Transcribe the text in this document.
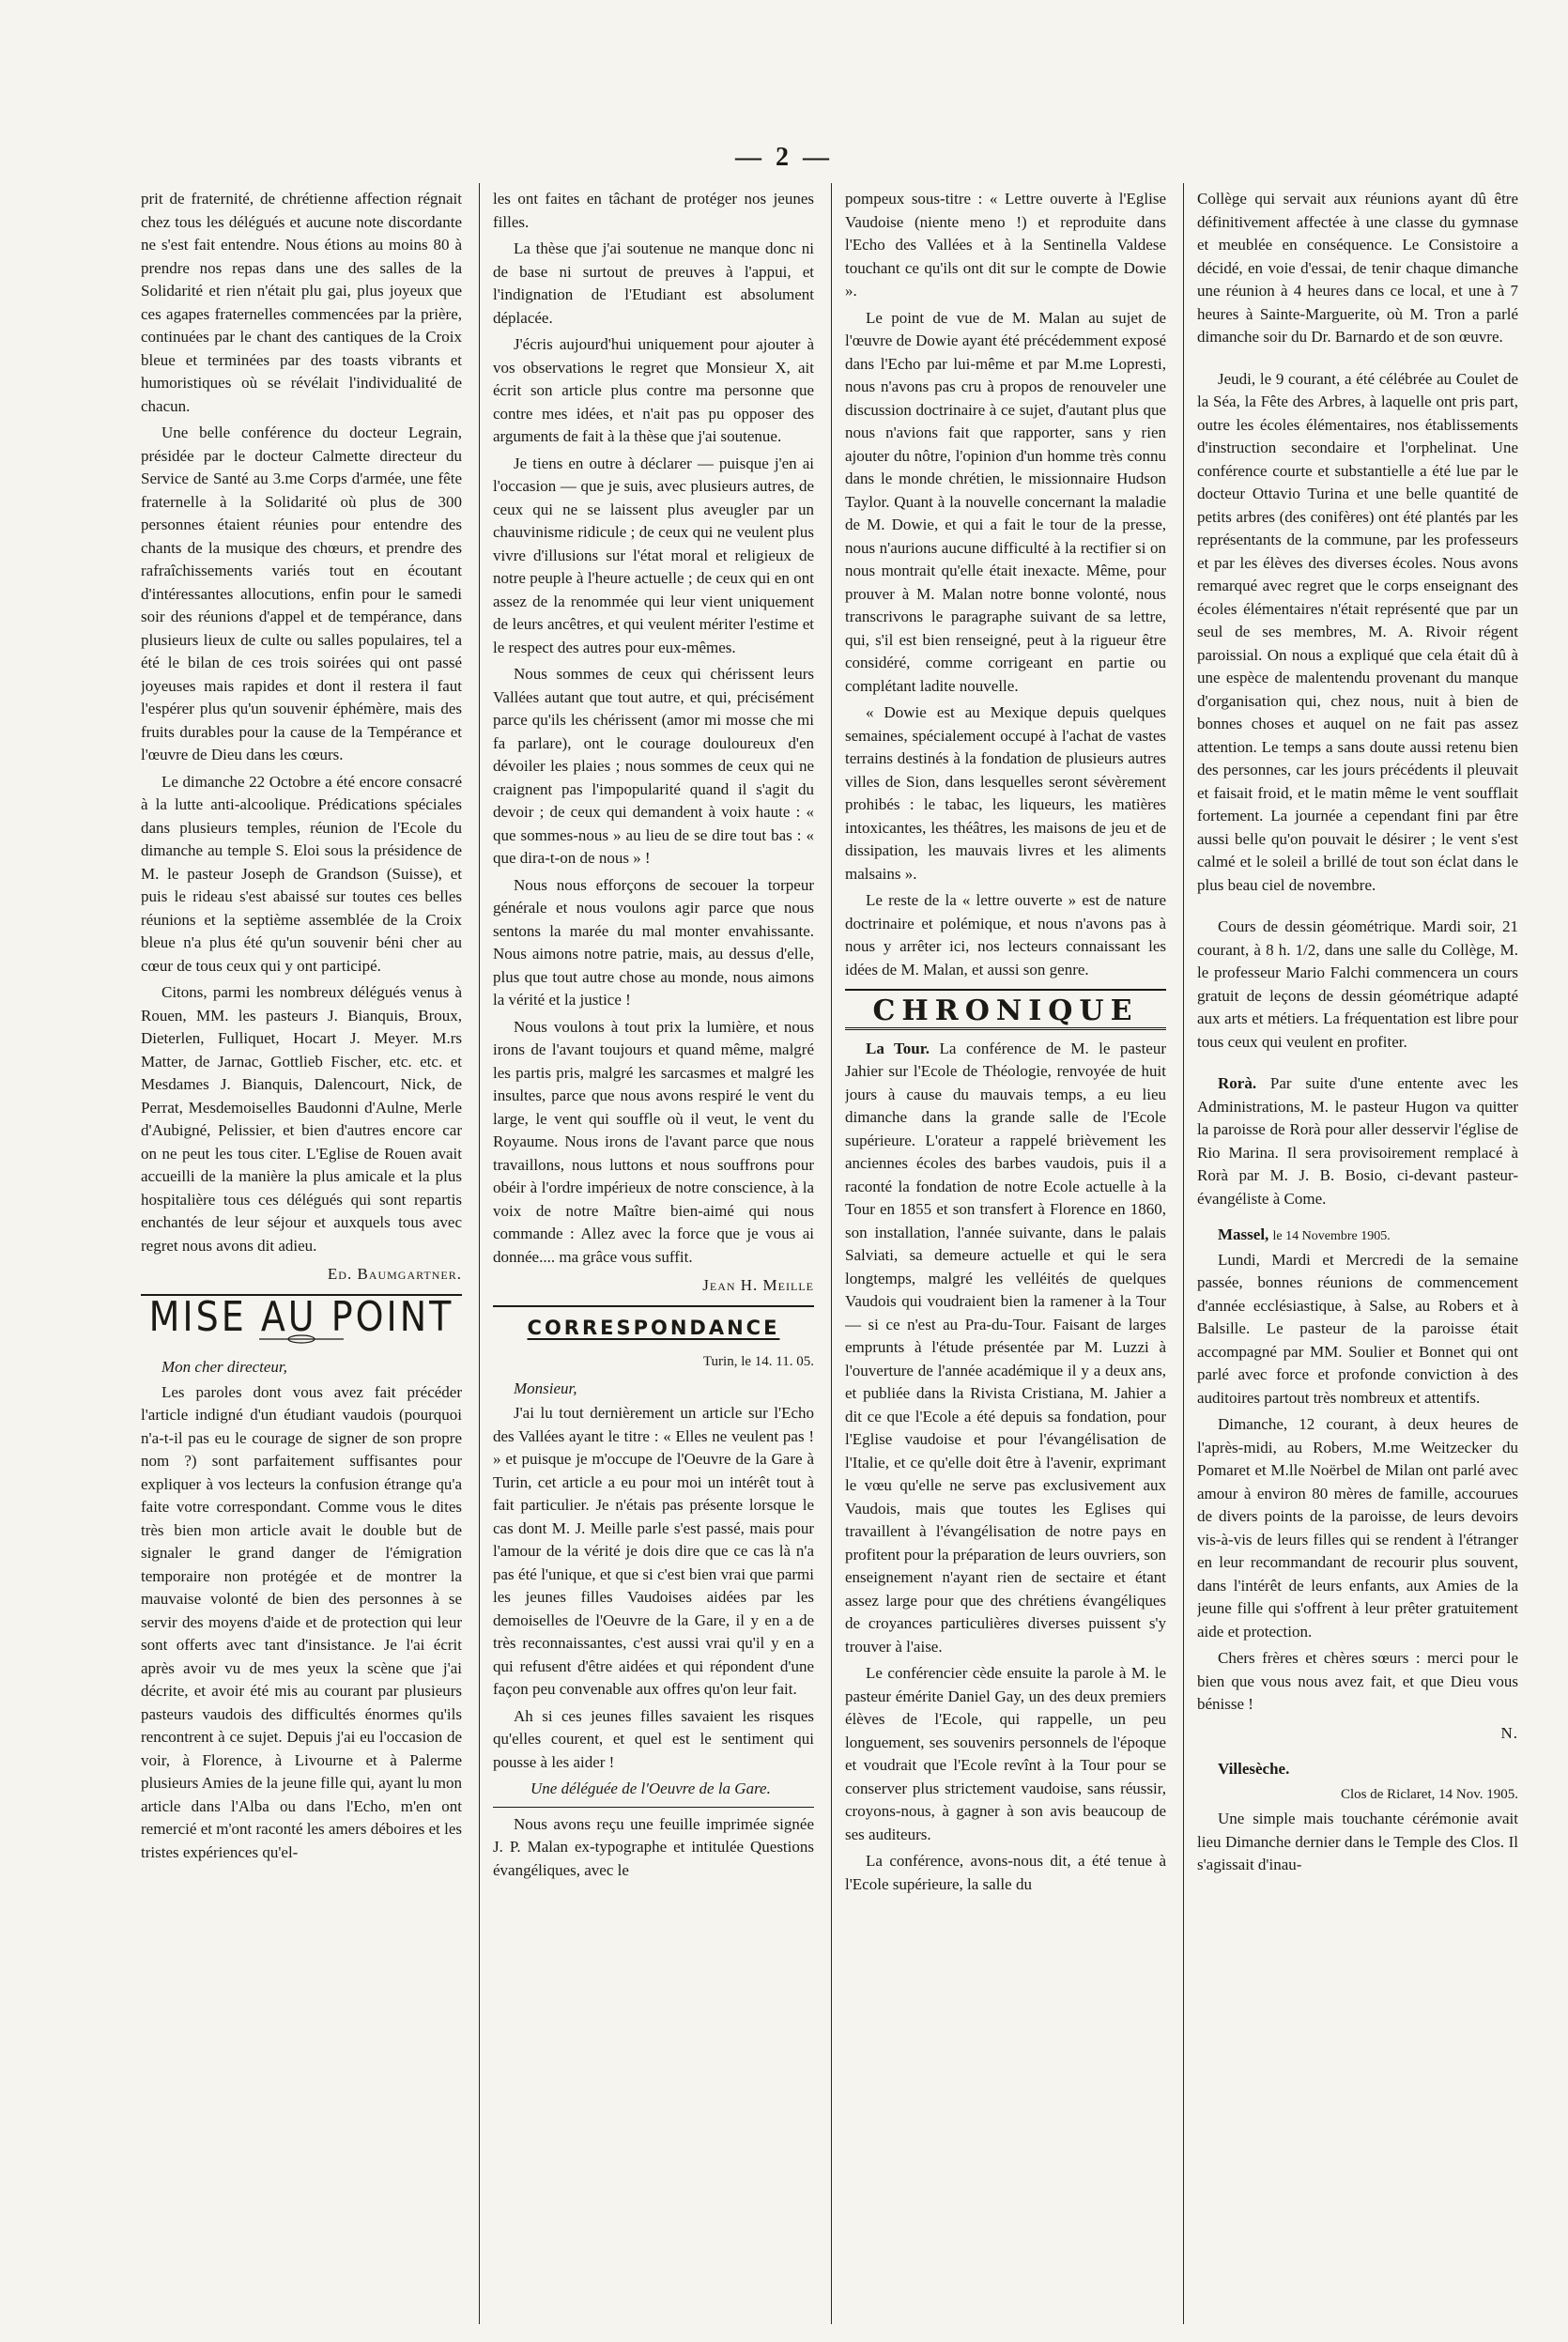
— 2 —

prit de fraternité, de chrétienne affection régnait chez tous les délégués et aucune note discordante ne s'est fait entendre. Nous étions au moins 80 à prendre nos repas dans une des salles de la Solidarité et rien n'était plu gai, plus joyeux que ces agapes fraternelles commencées par la prière, continuées par le chant des cantiques de la Croix bleue et terminées par des toasts vibrants et humoristiques où se révélait l'individualité de chacun.

Une belle conférence du docteur Legrain, présidée par le docteur Calmette directeur du Service de Santé au 3.me Corps d'armée, une fête fraternelle à la Solidarité où plus de 300 personnes étaient réunies pour entendre des chants de la musique des chœurs, et prendre des rafraîchissements variés tout en écoutant d'intéressantes allocutions, enfin pour le samedi soir des réunions d'appel et de tempérance, dans plusieurs lieux de culte ou salles populaires, tel a été le bilan de ces trois soirées qui ont passé joyeuses mais rapides et dont il restera il faut l'espérer plus qu'un souvenir éphémère, mais des fruits durables pour la cause de la Tempérance et l'œuvre de Dieu dans les cœurs.

Le dimanche 22 Octobre a été encore consacré à la lutte anti-alcoolique. Prédications spéciales dans plusieurs temples, réunion de l'Ecole du dimanche au temple S. Eloi sous la présidence de M. le pasteur Joseph de Grandson (Suisse), et puis le rideau s'est abaissé sur toutes ces belles réunions et la septième assemblée de la Croix bleue n'a plus été qu'un souvenir béni cher au cœur de tous ceux qui y ont participé.

Citons, parmi les nombreux délégués venus à Rouen, MM. les pasteurs J. Bianquis, Broux, Dieterlen, Fulliquet, Hocart J. Meyer. M.rs Matter, de Jarnac, Gottlieb Fischer, etc. etc. et Mesdames J. Bianquis, Dalencourt, Nick, de Perrat, Mesdemoiselles Baudonni d'Aulne, Merle d'Aubigné, Pelissier, et bien d'autres encore car on ne peut les tous citer. L'Eglise de Rouen avait accueilli de la manière la plus amicale et la plus hospitalière tous ces délégués qui sont repartis enchantés de leur séjour et auxquels tous avec regret nous avons dit adieu.

Ed. Baumgartner.
MISE AU POINT
Mon cher directeur,

Les paroles dont vous avez fait précéder l'article indigné d'un étudiant vaudois (pourquoi n'a-t-il pas eu le courage de signer de son propre nom ?) sont parfaitement suffisantes pour expliquer à vos lecteurs la confusion étrange qu'a faite votre correspondant. Comme vous le dites très bien mon article avait le double but de signaler le grand danger de l'émigration temporaire non protégée et de montrer la mauvaise volonté de bien des personnes à se servir des moyens d'aide et de protection qui leur sont offerts avec tant d'insistance. Je l'ai écrit après avoir vu de mes yeux la scène que j'ai décrite, et avoir été mis au courant par plusieurs pasteurs vaudois des difficultés énormes qu'ils rencontrent à ce sujet. Depuis j'ai eu l'occasion de voir, à Florence, à Livourne et à Palerme plusieurs Amies de la jeune fille qui, ayant lu mon article dans l'Alba ou dans l'Echo, m'en ont remercié et m'ont raconté les amers déboires et les tristes expériences qu'el-

les ont faites en tâchant de protéger nos jeunes filles.

La thèse que j'ai soutenue ne manque donc ni de base ni surtout de preuves à l'appui, et l'indignation de l'Etudiant est absolument déplacée.

J'écris aujourd'hui uniquement pour ajouter à vos observations le regret que Monsieur X, ait écrit son article plus contre ma personne que contre mes idées, et n'ait pas pu opposer des arguments de fait à la thèse que j'ai soutenue.

Je tiens en outre à déclarer — puisque j'en ai l'occasion — que je suis, avec plusieurs autres, de ceux qui ne se laissent plus aveugler par un chauvinisme ridicule ; de ceux qui ne veulent plus vivre d'illusions sur l'état moral et religieux de notre peuple à l'heure actuelle ; de ceux qui en ont assez de la renommée qui leur vient uniquement de leurs ancêtres, et qui veulent mériter l'estime et le respect des autres pour eux-mêmes.

Nous sommes de ceux qui chérissent leurs Vallées autant que tout autre, et qui, précisément parce qu'ils les chérissent (amor mi mosse che mi fa parlare), ont le courage douloureux d'en dévoiler les plaies ; nous sommes de ceux qui ne craignent pas l'impopularité quand il s'agit du devoir ; de ceux qui demandent à voix haute : « que sommes-nous » au lieu de se dire tout bas : « que dira-t-on de nous » !

Nous nous efforçons de secouer la torpeur générale et nous voulons agir parce que nous sentons la marée du mal monter envahissante. Nous aimons notre patrie, mais, au dessus d'elle, plus que tout autre chose au monde, nous aimons la vérité et la justice !

Nous voulons à tout prix la lumière, et nous irons de l'avant toujours et quand même, malgré les partis pris, malgré les sarcasmes et malgré les insultes, parce que nous avons respiré le vent du large, le vent qui souffle où il veut, le vent du Royaume. Nous irons de l'avant parce que nous travaillons, nous luttons et nous souffrons pour obéir à l'ordre impérieux de notre conscience, à la voix de notre Maître bien-aimé qui nous commande : Allez avec la force que je vous ai donnée.... ma grâce vous suffit.

Jean H. Meille
CORRESPONDANCE
Turin, le 14. 11. 05.
Monsieur,

J'ai lu tout dernièrement un article sur l'Echo des Vallées ayant le titre : « Elles ne veulent pas ! » et puisque je m'occupe de l'Oeuvre de la Gare à Turin, cet article a eu pour moi un intérêt tout à fait particulier. Je n'étais pas présente lorsque le cas dont M. J. Meille parle s'est passé, mais pour l'amour de la vérité je dois dire que ce cas là n'a pas été l'unique, et que si c'est bien vrai que parmi les jeunes filles Vaudoises aidées par les demoiselles de l'Oeuvre de la Gare, il y en a de très reconnaissantes, c'est aussi vrai qu'il y en a qui refusent d'être aidées et qui répondent d'une façon peu convenable aux offres qu'on leur fait.

Ah si ces jeunes filles savaient les risques qu'elles courent, et quel est le sentiment qui pousse à les aider !

Une déléguée de l'Oeuvre de la Gare.

Nous avons reçu une feuille imprimée signée J. P. Malan ex-typographe et intitulée Questions évangéliques, avec le

pompeux sous-titre : « Lettre ouverte à l'Eglise Vaudoise (niente meno !) et reproduite dans l'Echo des Vallées et à la Sentinella Valdese touchant ce qu'ils ont dit sur le compte de Dowie ».

Le point de vue de M. Malan au sujet de l'œuvre de Dowie ayant été précédemment exposé dans l'Echo par lui-même et par M.me Lopresti, nous n'avons pas cru à propos de renouveler une discussion doctrinaire à ce sujet, d'autant plus que nous n'avions fait que rapporter, sans y rien ajouter du nôtre, l'opinion d'un homme très connu dans le monde chrétien, le missionnaire Hudson Taylor. Quant à la nouvelle concernant la maladie de M. Dowie, et qui a fait le tour de la presse, nous n'aurions aucune difficulté à la rectifier si on nous montrait qu'elle était inexacte. Même, pour prouver à M. Malan notre bonne volonté, nous transcrivons le paragraphe suivant de sa lettre, qui, s'il est bien renseigné, peut à la rigueur être considéré, comme corrigeant en partie ou complétant ladite nouvelle.

« Dowie est au Mexique depuis quelques semaines, spécialement occupé à l'achat de vastes terrains destinés à la fondation de plusieurs autres villes de Sion, dans lesquelles seront sévèrement prohibés : le tabac, les liqueurs, les matières intoxicantes, les théâtres, les maisons de jeu et de dissipation, les mauvais livres et les aliments malsains ».

Le reste de la « lettre ouverte » est de nature doctrinaire et polémique, et nous n'avons pas à nous y arrêter ici, nos lecteurs connaissant les idées de M. Malan, et aussi son genre.

CHRONIQUE

La Tour. La conférence de M. le pasteur Jahier sur l'Ecole de Théologie, renvoyée de huit jours à cause du mauvais temps, a eu lieu dimanche dans la grande salle de l'Ecole supérieure. L'orateur a rappelé brièvement les anciennes écoles des barbes vaudois, puis il a raconté la fondation de notre Ecole actuelle à la Tour en 1855 et son transfert à Florence en 1860, son installation, l'année suivante, dans le palais Salviati, sa demeure actuelle et qui le sera longtemps, malgré les velléités de quelques Vaudois qui voudraient bien la ramener à la Tour — si ce n'est au Pra-du-Tour. Faisant de larges emprunts à l'étude présentée par M. Luzzi à l'ouverture de l'année académique il y a deux ans, et publiée dans la Rivista Cristiana, M. Jahier a dit ce que l'Ecole a été depuis sa fondation, pour l'Eglise vaudoise et pour l'évangélisation de l'Italie, et ce qu'elle doit être à l'avenir, exprimant le vœu qu'elle ne serve pas exclusivement aux Vaudois, mais que toutes les Eglises qui travaillent à l'évangélisation de notre pays en profitent pour la préparation de leurs ouvriers, son enseignement n'ayant rien de sectaire et étant assez large pour que des chrétiens évangéliques de croyances particulières diverses puissent s'y trouver à l'aise.

Le conférencier cède ensuite la parole à M. le pasteur émérite Daniel Gay, un des deux premiers élèves de l'Ecole, qui rappelle, un peu longuement, ses souvenirs personnels de l'époque et voudrait que l'Ecole revînt à la Tour pour se conserver plus strictement vaudoise, sans réussir, croyons-nous, à gagner à son avis beaucoup de ses auditeurs.

La conférence, avons-nous dit, a été tenue à l'Ecole supérieure, la salle du

Collège qui servait aux réunions ayant dû être définitivement affectée à une classe du gymnase et meublée en conséquence. Le Consistoire a décidé, en voie d'essai, de tenir chaque dimanche une réunion à 4 heures dans ce local, et une à 7 heures à Sainte-Marguerite, où M. Tron a parlé dimanche soir du Dr. Barnardo et de son œuvre.

Jeudi, le 9 courant, a été célébrée au Coulet de la Séa, la Fête des Arbres, à laquelle ont pris part, outre les écoles élémentaires, nos établissements d'instruction secondaire et l'orphelinat. Une conférence courte et substantielle a été lue par le docteur Ottavio Turina et une belle quantité de petits arbres (des conifères) ont été plantés par les représentants de la commune, par les professeurs et par les élèves des diverses écoles. Nous avons remarqué avec regret que le corps enseignant des écoles élémentaires n'était représenté que par un seul de ses membres, M. A. Rivoir régent paroissial. On nous a expliqué que cela était dû à une espèce de malentendu provenant du manque d'organisation qui, chez nous, nuit à bien de bonnes choses et auquel on ne fait pas assez attention. Le temps a sans doute aussi retenu bien des personnes, car les jours précédents il pleuvait et faisait froid, et le matin même le vent soufflait fortement. La journée a cependant fini par être aussi belle qu'on pouvait le désirer ; le vent s'est calmé et le soleil a brillé de tout son éclat dans le plus beau ciel de novembre.

Cours de dessin géométrique. Mardi soir, 21 courant, à 8 h. 1/2, dans une salle du Collège, M. le professeur Mario Falchi commencera un cours gratuit de leçons de dessin géométrique adapté aux arts et métiers. La fréquentation est libre pour tous ceux qui veulent en profiter.

Rorà. Par suite d'une entente avec les Administrations, M. le pasteur Hugon va quitter la paroisse de Rorà pour aller desservir l'église de Rio Marina. Il sera provisoirement remplacé à Rorà par M. J. B. Bosio, ci-devant pasteur-évangéliste à Come.

Massel, le 14 Novembre 1905.

Lundi, Mardi et Mercredi de la semaine passée, bonnes réunions de commencement d'année ecclésiastique, à Salse, au Robers et à Balsille. Le pasteur de la paroisse était accompagné par MM. Soulier et Bonnet qui ont parlé avec force et profonde conviction à des auditoires partout très nombreux et attentifs.

Dimanche, 12 courant, à deux heures de l'après-midi, au Robers, M.me Weitzecker du Pomaret et M.lle Noërbel de Milan ont parlé avec amour à environ 80 mères de famille, accourues de divers points de la paroisse, de leurs devoirs vis-à-vis de leurs filles qui se rendent à l'étranger en leur recommandant de recourir plus souvent, dans l'intérêt de leurs enfants, aux Amies de la jeune fille qui s'offrent à leur prêter gratuitement aide et protection.

Chers frères et chères sœurs : merci pour le bien que vous nous avez fait, et que Dieu vous bénisse !

N.
Villesèche.
Clos de Riclaret, 14 Nov. 1905.

Une simple mais touchante cérémonie avait lieu Dimanche dernier dans le Temple des Clos. Il s'agissait d'inau-
